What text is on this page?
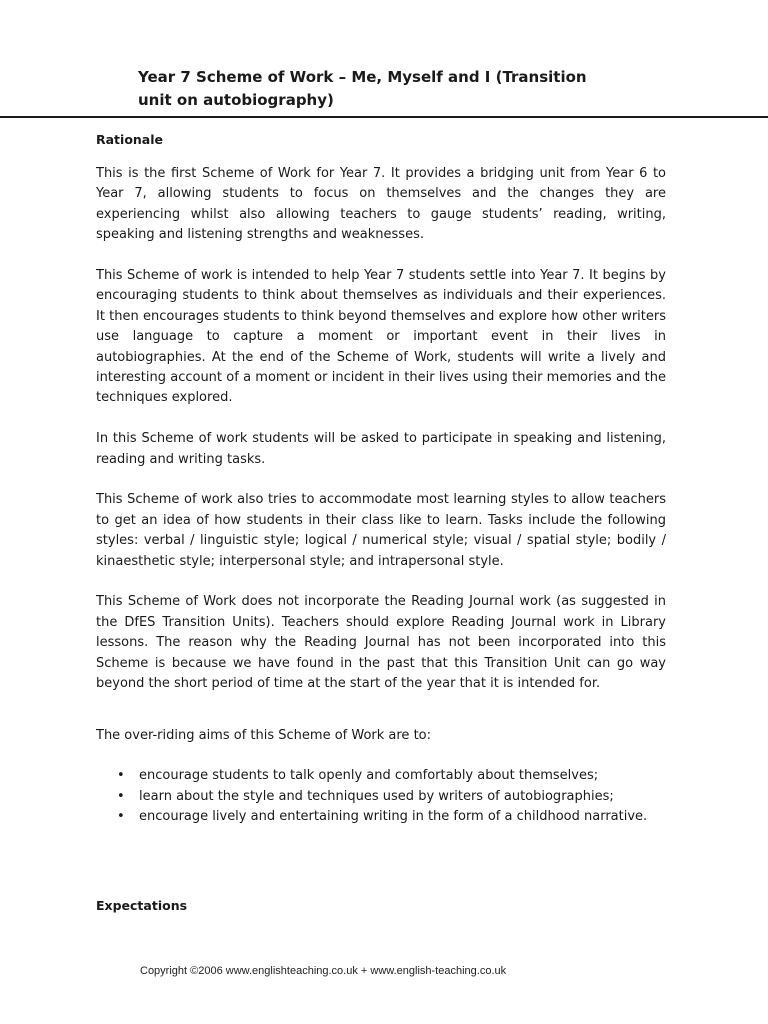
Year 7 Scheme of Work – Me, Myself and I (Transition
unit on autobiography)
Rationale

This is the first Scheme of Work for Year 7. It provides a bridging unit from Year 6 to Year 7, allowing students to focus on themselves and the changes they are experiencing whilst also allowing teachers to gauge students’ reading, writing, speaking and listening strengths and weaknesses.

This Scheme of work is intended to help Year 7 students settle into Year 7. It begins by encouraging students to think about themselves as individuals and their experiences. It then encourages students to think beyond themselves and explore how other writers use language to capture a moment or important event in their lives in autobiographies. At the end of the Scheme of Work, students will write a lively and interesting account of a moment or incident in their lives using their memories and the techniques explored.

In this Scheme of work students will be asked to participate in speaking and listening, reading and writing tasks.

This Scheme of work also tries to accommodate most learning styles to allow teachers to get an idea of how students in their class like to learn. Tasks include the following styles: verbal / linguistic style; logical / numerical style; visual / spatial style; bodily / kinaesthetic style; interpersonal style; and intrapersonal style.

This Scheme of Work does not incorporate the Reading Journal work (as suggested in the DfES Transition Units). Teachers should explore Reading Journal work in Library lessons. The reason why the Reading Journal has not been incorporated into this Scheme is because we have found in the past that this Transition Unit can go way beyond the short period of time at the start of the year that it is intended for.

The over-riding aims of this Scheme of Work are to:

• encourage students to talk openly and comfortably about themselves;
• learn about the style and techniques used by writers of autobiographies;
• encourage lively and entertaining writing in the form of a childhood narrative.
Expectations
Copyright ©2006 www.englishteaching.co.uk + www.english-teaching.co.uk
